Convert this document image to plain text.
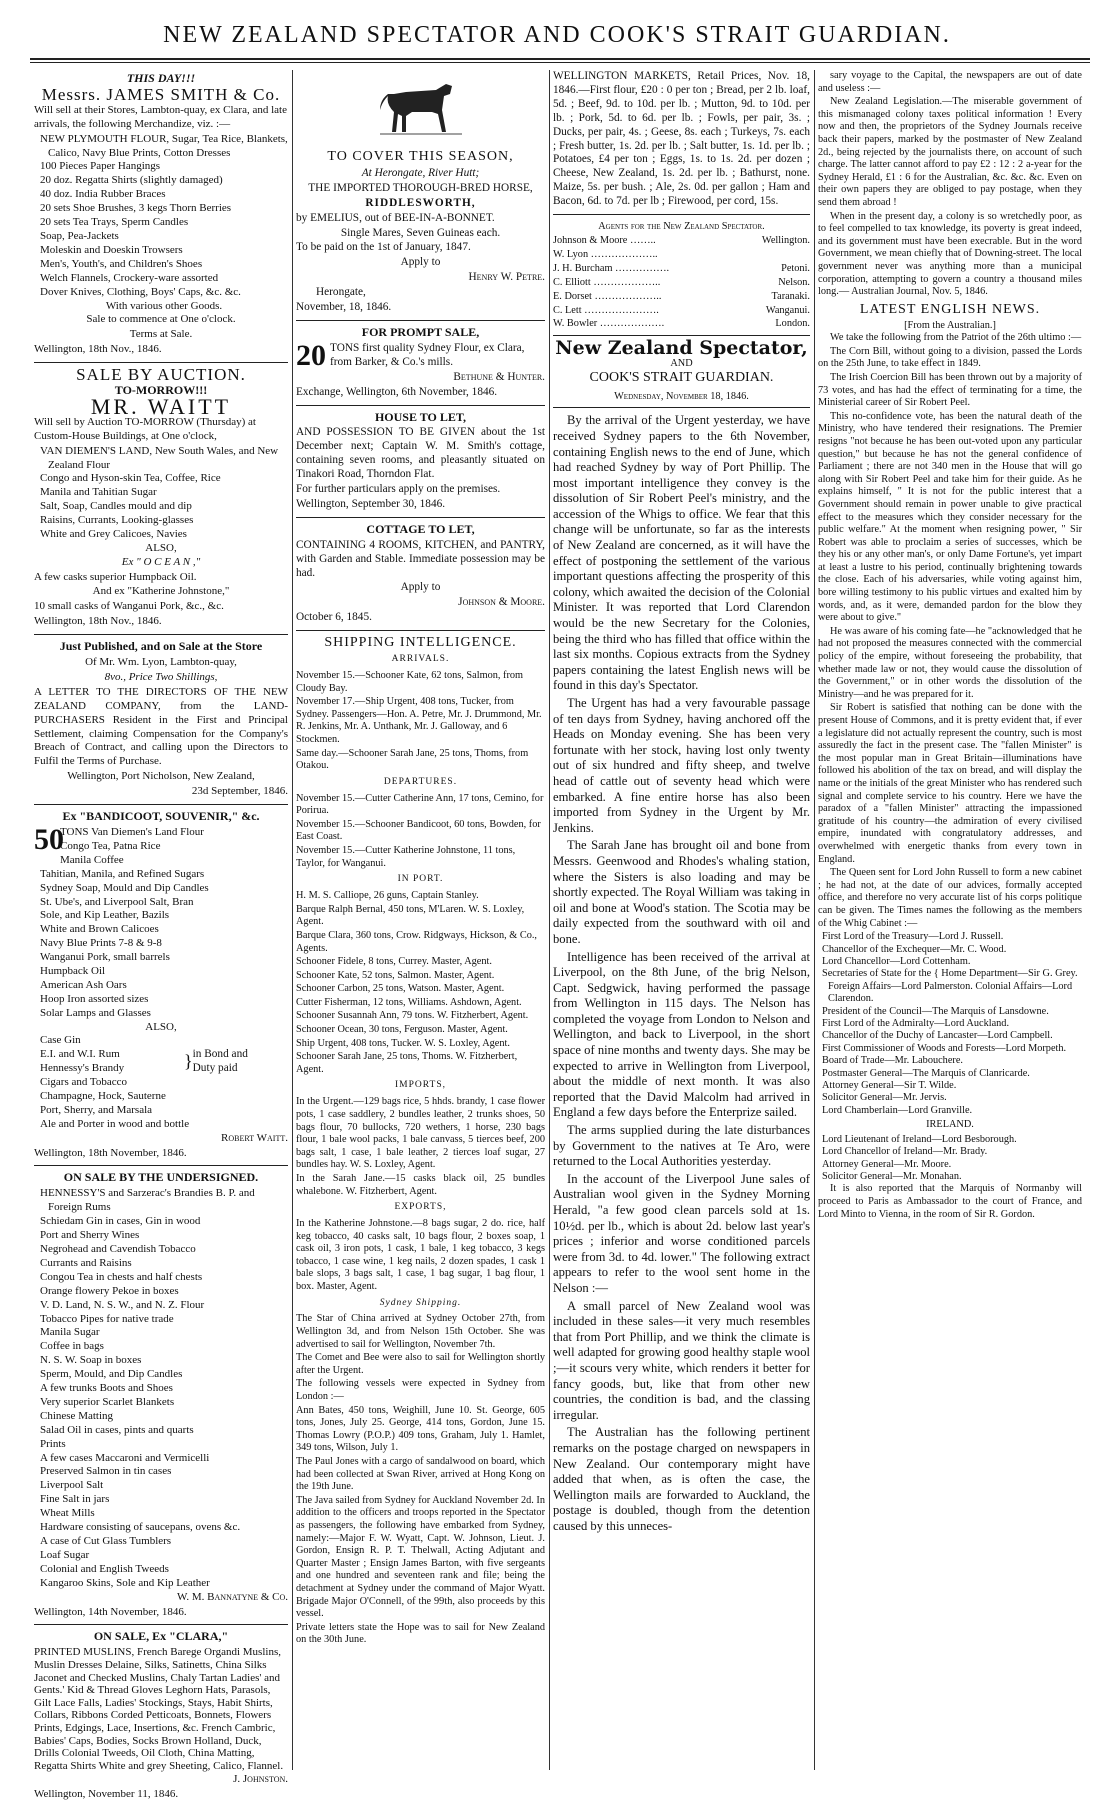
NEW ZEALAND SPECTATOR AND COOK'S STRAIT GUARDIAN.
THIS DAY!!!
Messrs. JAMES SMITH & Co.

Will sell at their Stores, Lambton-quay, ex Clara, and late arrivals, the following Merchandize, viz. :—

NEW PLYMOUTH FLOUR, Sugar, Tea Rice, Blankets, Calico, Navy Blue Prints, Cotton Dresses
100 Pieces Paper Hangings
20 doz. Regatta Shirts (slightly damaged)
40 doz. India Rubber Braces
20 sets Shoe Brushes, 3 kegs Thorn Berries
20 sets Tea Trays, Sperm Candles
Soap, Pea-Jackets
Moleskin and Doeskin Trowsers
Men's, Youth's, and Children's Shoes
Welch Flannels, Crockery-ware assorted
Dover Knives, Clothing, Boys' Caps, &c. &c.
With various other Goods.

Sale to commence at One o'clock.

Terms at Sale.

Wellington, 18th Nov., 1846.

SALE BY AUCTION.
TO-MORROW!!!
MR. WAITT

Will sell by Auction TO-MORROW (Thursday) at Custom-House Buildings, at One o'clock,

VAN DIEMEN'S LAND, New South Wales, and New Zealand Flour
Congo and Hyson-skin Tea, Coffee, Rice
Manila and Tahitian Sugar
Salt, Soap, Candles mould and dip
Raisins, Currants, Looking-glasses
White and Grey Calicoes, Navies

ALSO,

Ex " O C E A N ,"

A few casks superior Humpback Oil.

And ex "Katherine Johnstone,"

10 small casks of Wanganui Pork, &c., &c.

Wellington, 18th Nov., 1846.

Just Published, and on Sale at the Store

Of Mr. Wm. Lyon, Lambton-quay,

8vo., Price Two Shillings,

A LETTER TO THE DIRECTORS OF THE NEW ZEALAND COMPANY, from the LAND-PURCHASERS Resident in the First and Principal Settlement, claiming Compensation for the Company's Breach of Contract, and calling upon the Directors to Fulfil the Terms of Purchase.

Wellington, Port Nicholson, New Zealand,

23d September, 1846.

Ex "BANDICOOT, SOUVENIR," &c.
50
TONS Van Diemen's Land Flour
Congo Tea, Patna Rice
Manila Coffee
Tahitian, Manila, and Refined Sugars
Sydney Soap, Mould and Dip Candles
St. Ube's, and Liverpool Salt, Bran
Sole, and Kip Leather, Bazils
White and Brown Calicoes
Navy Blue Prints 7-8 & 9-8
Wanganui Pork, small barrels
Humpback Oil
American Ash Oars
Hoop Iron assorted sizes
Solar Lamps and Glasses

ALSO,

Case Gin
E.I. and W.I. Rum
Hennessy's Brandy
Cigars and Tobacco
} in Bond and Duty paid
Champagne, Hock, Sauterne
Port, Sherry, and Marsala
Ale and Porter in wood and bottle

Robert Waitt.

Wellington, 18th November, 1846.

ON SALE BY THE UNDERSIGNED.
HENNESSY'S and Sarzerac's Brandies B. P. and Foreign Rums
Schiedam Gin in cases, Gin in wood
Port and Sherry Wines
Negrohead and Cavendish Tobacco
Currants and Raisins
Congou Tea in chests and half chests
Orange flowery Pekoe in boxes
V. D. Land, N. S. W., and N. Z. Flour
Tobacco Pipes for native trade
Manila Sugar
Coffee in bags
N. S. W. Soap in boxes
Sperm, Mould, and Dip Candles
A few trunks Boots and Shoes
Very superior Scarlet Blankets
Chinese Matting
Salad Oil in cases, pints and quarts
Prints
A few cases Maccaroni and Vermicelli
Preserved Salmon in tin cases
Liverpool Salt
Fine Salt in jars
Wheat Mills
Hardware consisting of saucepans, ovens &c.
A case of Cut Glass Tumblers
Loaf Sugar
Colonial and English Tweeds
Kangaroo Skins, Sole and Kip Leather

W. M. Bannatyne & Co.

Wellington, 14th November, 1846.

ON SALE, Ex "CLARA,"

PRINTED MUSLINS, French Barege Organdi Muslins, Muslin Dresses Delaine, Silks, Satinetts, China Silks Jaconet and Checked Muslins, Chaly Tartan Ladies' and Gents.' Kid & Thread Gloves Leghorn Hats, Parasols, Gilt Lace Falls, Ladies' Stockings, Stays, Habit Shirts, Collars, Ribbons Corded Petticoats, Bonnets, Flowers Prints, Edgings, Lace, Insertions, &c. French Cambric, Babies' Caps, Bodies, Socks Brown Holland, Duck, Drills Colonial Tweeds, Oil Cloth, China Matting, Regatta Shirts White and grey Sheeting, Calico, Flannel.

J. Johnston.

Wellington, November 11, 1846.

TO COVER THIS SEASON,

At Herongate, River Hutt;

THE IMPORTED THOROUGH-BRED HORSE,

RIDDLESWORTH,

by EMELIUS, out of BEE-IN-A-BONNET.

Single Mares, Seven Guineas each.

To be paid on the 1st of January, 1847.

Apply to

Henry W. Petre.

Herongate,

November, 18, 1846.

FOR PROMPT SALE,
20 TONS first quality Sydney Flour, ex Clara, from Barker, & Co.'s mills.

Bethune & Hunter.

Exchange, Wellington, 6th November, 1846.

HOUSE TO LET,

AND POSSESSION TO BE GIVEN about the 1st December next; Captain W. M. Smith's cottage, containing seven rooms, and pleasantly situated on Tinakori Road, Thorndon Flat.

For further particulars apply on the premises.

Wellington, September 30, 1846.

COTTAGE TO LET,

CONTAINING 4 ROOMS, KITCHEN, and PANTRY, with Garden and Stable. Immediate possession may be had.

Apply to

Johnson & Moore.

October 6, 1845.

SHIPPING INTELLIGENCE.
ARRIVALS.

November 15.—Schooner Kate, 62 tons, Salmon, from Cloudy Bay.

November 17.—Ship Urgent, 408 tons, Tucker, from Sydney. Passengers—Hon. A. Petre, Mr. J. Drummond, Mr. R. Jenkins, Mr. A. Unthank, Mr. J. Galloway, and 6 Stockmen.

Same day.—Schooner Sarah Jane, 25 tons, Thoms, from Otakou.

DEPARTURES.

November 15.—Cutter Catherine Ann, 17 tons, Cemino, for Porirua.

November 15.—Schooner Bandicoot, 60 tons, Bowden, for East Coast.

November 15.—Cutter Katherine Johnstone, 11 tons, Taylor, for Wanganui.

IN PORT.

H. M. S. Calliope, 26 guns, Captain Stanley.

Barque Ralph Bernal, 450 tons, M'Laren. W. S. Loxley, Agent.

Barque Clara, 360 tons, Crow. Ridgways, Hickson, & Co., Agents.

Schooner Fidele, 8 tons, Currey. Master, Agent.

Schooner Kate, 52 tons, Salmon. Master, Agent.

Schooner Carbon, 25 tons, Watson. Master, Agent.

Cutter Fisherman, 12 tons, Williams. Ashdown, Agent.

Schooner Susannah Ann, 79 tons. W. Fitzherbert, Agent.

Schooner Ocean, 30 tons, Ferguson. Master, Agent.

Ship Urgent, 408 tons, Tucker. W. S. Loxley, Agent.

Schooner Sarah Jane, 25 tons, Thoms. W. Fitzherbert, Agent.

IMPORTS,

In the Urgent.—129 bags rice, 5 hhds. brandy, 1 case flower pots, 1 case saddlery, 2 bundles leather, 2 trunks shoes, 50 bags flour, 70 bullocks, 720 wethers, 1 horse, 230 bags flour, 1 bale wool packs, 1 bale canvass, 5 tierces beef, 200 bags salt, 1 case, 1 bale leather, 2 tierces loaf sugar, 27 bundles hay. W. S. Loxley, Agent.

In the Sarah Jane.—15 casks black oil, 25 bundles whalebone. W. Fitzherbert, Agent.

EXPORTS,

In the Katherine Johnstone.—8 bags sugar, 2 do. rice, half keg tobacco, 40 casks salt, 10 bags flour, 2 boxes soap, 1 cask oil, 3 iron pots, 1 cask, 1 bale, 1 keg tobacco, 3 kegs tobacco, 1 case wine, 1 keg nails, 2 dozen spades, 1 cask 1 bale slops, 3 bags salt, 1 case, 1 bag sugar, 1 bag flour, 1 box. Master, Agent.

Sydney Shipping.

The Star of China arrived at Sydney October 27th, from Wellington 3d, and from Nelson 15th October. She was advertised to sail for Wellington, November 7th.

The Comet and Bee were also to sail for Wellington shortly after the Urgent.

The following vessels were expected in Sydney from London :—

Ann Bates, 450 tons, Weighill, June 10. St. George, 605 tons, Jones, July 25. George, 414 tons, Gordon, June 15. Thomas Lowry (P.O.P.) 409 tons, Graham, July 1. Hamlet, 349 tons, Wilson, July 1.

The Paul Jones with a cargo of sandalwood on board, which had been collected at Swan River, arrived at Hong Kong on the 19th June.

The Java sailed from Sydney for Auckland November 2d. In addition to the officers and troops reported in the Spectator as passengers, the following have embarked from Sydney, namely:—Major F. W. Wyatt, Capt. W. Johnson, Lieut. J. Gordon, Ensign R. P. T. Thelwall, Acting Adjutant and Quarter Master ; Ensign James Barton, with five sergeants and one hundred and seventeen rank and file; being the detachment at Sydney under the command of Major Wyatt. Brigade Major O'Connell, of the 99th, also proceeds by this vessel.

Private letters state the Hope was to sail for New Zealand on the 30th June.

WELLINGTON MARKETS, Retail Prices, Nov. 18, 1846.—First flour, £20 : 0 per ton ; Bread, per 2 lb. loaf, 5d. ; Beef, 9d. to 10d. per lb. ; Mutton, 9d. to 10d. per lb. ; Pork, 5d. to 6d. per lb. ; Fowls, per pair, 3s. ; Ducks, per pair, 4s. ; Geese, 8s. each ; Turkeys, 7s. each ; Fresh butter, 1s. 2d. per lb. ; Salt butter, 1s. 1d. per lb. ; Potatoes, £4 per ton ; Eggs, 1s. to 1s. 2d. per dozen ; Cheese, New Zealand, 1s. 2d. per lb. ; Bathurst, none. Maize, 5s. per bush. ; Ale, 2s. 0d. per gallon ; Ham and Bacon, 6d. to 7d. per lb ; Firewood, per cord, 15s.

Agents for the New Zealand Spectator.
Johnson & Moore ……..	Wellington.
W. Lyon ………………..
J. H. Burcham …………….	Petoni.
C. Elliott ………………..	Nelson.
E. Dorset ………………..	Taranaki.
C. Lett ………………….	Wanganui.
W. Bowler ……………….	London.
New Zealand Spectator,
AND
COOK'S STRAIT GUARDIAN.
Wednesday, November 18, 1846.

By the arrival of the Urgent yesterday, we have received Sydney papers to the 6th November, containing English news to the end of June, which had reached Sydney by way of Port Phillip. The most important intelligence they convey is the dissolution of Sir Robert Peel's ministry, and the accession of the Whigs to office. We fear that this change will be unfortunate, so far as the interests of New Zealand are concerned, as it will have the effect of postponing the settlement of the various important questions affecting the prosperity of this colony, which awaited the decision of the Colonial Minister. It was reported that Lord Clarendon would be the new Secretary for the Colonies, being the third who has filled that office within the last six months. Copious extracts from the Sydney papers containing the latest English news will be found in this day's Spectator.

The Urgent has had a very favourable passage of ten days from Sydney, having anchored off the Heads on Monday evening. She has been very fortunate with her stock, having lost only twenty out of six hundred and fifty sheep, and twelve head of cattle out of seventy head which were embarked. A fine entire horse has also been imported from Sydney in the Urgent by Mr. Jenkins.

The Sarah Jane has brought oil and bone from Messrs. Geenwood and Rhodes's whaling station, where the Sisters is also loading and may be shortly expected. The Royal William was taking in oil and bone at Wood's station. The Scotia may be daily expected from the southward with oil and bone.

Intelligence has been received of the arrival at Liverpool, on the 8th June, of the brig Nelson, Capt. Sedgwick, having performed the passage from Wellington in 115 days. The Nelson has completed the voyage from London to Nelson and Wellington, and back to Liverpool, in the short space of nine months and twenty days. She may be expected to arrive in Wellington from Liverpool, about the middle of next month. It was also reported that the David Malcolm had arrived in England a few days before the Enterprize sailed.

The arms supplied during the late disturbances by Government to the natives at Te Aro, were returned to the Local Authorities yesterday.

In the account of the Liverpool June sales of Australian wool given in the Sydney Morning Herald, "a few good clean parcels sold at 1s. 10½d. per lb., which is about 2d. below last year's prices ; inferior and worse conditioned parcels were from 3d. to 4d. lower." The following extract appears to refer to the wool sent home in the Nelson :—

A small parcel of New Zealand wool was included in these sales—it very much resembles that from Port Phillip, and we think the climate is well adapted for growing good healthy staple wool ;—it scours very white, which renders it better for fancy goods, but, like that from other new countries, the condition is bad, and the classing irregular.

The Australian has the following pertinent remarks on the postage charged on newspapers in New Zealand. Our contemporary might have added that when, as is often the case, the Wellington mails are forwarded to Auckland, the postage is doubled, though from the detention caused by this unneces-

sary voyage to the Capital, the newspapers are out of date and useless :—

New Zealand Legislation.—The miserable government of this mismanaged colony taxes political information ! Every now and then, the proprietors of the Sydney Journals receive back their papers, marked by the postmaster of New Zealand 2d., being rejected by the journalists there, on account of such charge. The latter cannot afford to pay £2 : 12 : 2 a-year for the Sydney Herald, £1 : 6 for the Australian, &c. &c. &c. Even on their own papers they are obliged to pay postage, when they send them abroad !

When in the present day, a colony is so wretchedly poor, as to feel compelled to tax knowledge, its poverty is great indeed, and its government must have been execrable. But in the word Government, we mean chiefly that of Downing-street. The local government never was anything more than a municipal corporation, attempting to govern a country a thousand miles long.— Australian Journal, Nov. 5, 1846.

LATEST ENGLISH NEWS.
[From the Australian.]

We take the following from the Patriot of the 26th ultimo :—

The Corn Bill, without going to a division, passed the Lords on the 25th June, to take effect in 1849.

The Irish Coercion Bill has been thrown out by a majority of 73 votes, and has had the effect of terminating for a time, the Ministerial career of Sir Robert Peel.

This no-confidence vote, has been the natural death of the Ministry, who have tendered their resignations. The Premier resigns "not because he has been out-voted upon any particular question," but because he has not the general confidence of Parliament ; there are not 340 men in the House that will go along with Sir Robert Peel and take him for their guide. As he explains himself, " It is not for the public interest that a Government should remain in power unable to give practical effect to the measures which they consider necessary for the public welfare." At the moment when resigning power, " Sir Robert was able to proclaim a series of successes, which be they his or any other man's, or only Dame Fortune's, yet impart at least a lustre to his period, continually brightening towards the close. Each of his adversaries, while voting against him, bore willing testimony to his public virtues and exalted him by words, and, as it were, demanded pardon for the blow they were about to give."

He was aware of his coming fate—he "acknowledged that he had not proposed the measures connected with the commercial policy of the empire, without foreseeing the probability, that whether made law or not, they would cause the dissolution of the Government," or in other words the dissolution of the Ministry—and he was prepared for it.

Sir Robert is satisfied that nothing can be done with the present House of Commons, and it is pretty evident that, if ever a legislature did not actually represent the country, such is most assuredly the fact in the present case. The "fallen Minister" is the most popular man in Great Britain—illuminations have followed his abolition of the tax on bread, and will display the name or the initials of the great Minister who has rendered such signal and complete service to his country. Here we have the paradox of a "fallen Minister" attracting the impassioned gratitude of his country—the admiration of every civilised empire, inundated with congratulatory addresses, and overwhelmed with energetic thanks from every town in England.

The Queen sent for Lord John Russell to form a new cabinet ; he had not, at the date of our advices, formally accepted office, and therefore no very accurate list of his corps politique can be given. The Times names the following as the members of the Whig Cabinet :—

First Lord of the Treasury—Lord J. Russell.
Chancellor of the Exchequer—Mr. C. Wood.
Lord Chancellor—Lord Cottenham.
Secretaries of State for the { Home Department—Sir G. Grey. Foreign Affairs—Lord Palmerston. Colonial Affairs—Lord Clarendon.
President of the Council—The Marquis of Lansdowne.
First Lord of the Admiralty—Lord Auckland.
Chancellor of the Duchy of Lancaster—Lord Campbell.
First Commissioner of Woods and Forests—Lord Morpeth.
Board of Trade—Mr. Labouchere.
Postmaster General—The Marquis of Clanricarde.
Attorney General—Sir T. Wilde.
Solicitor General—Mr. Jervis.
Lord Chamberlain—Lord Granville.
IRELAND.
Lord Lieutenant of Ireland—Lord Besborough.
Lord Chancellor of Ireland—Mr. Brady.
Attorney General—Mr. Moore.
Solicitor General—Mr. Monahan.

It is also reported that the Marquis of Normanby will proceed to Paris as Ambassador to the court of France, and Lord Minto to Vienna, in the room of Sir R. Gordon.
